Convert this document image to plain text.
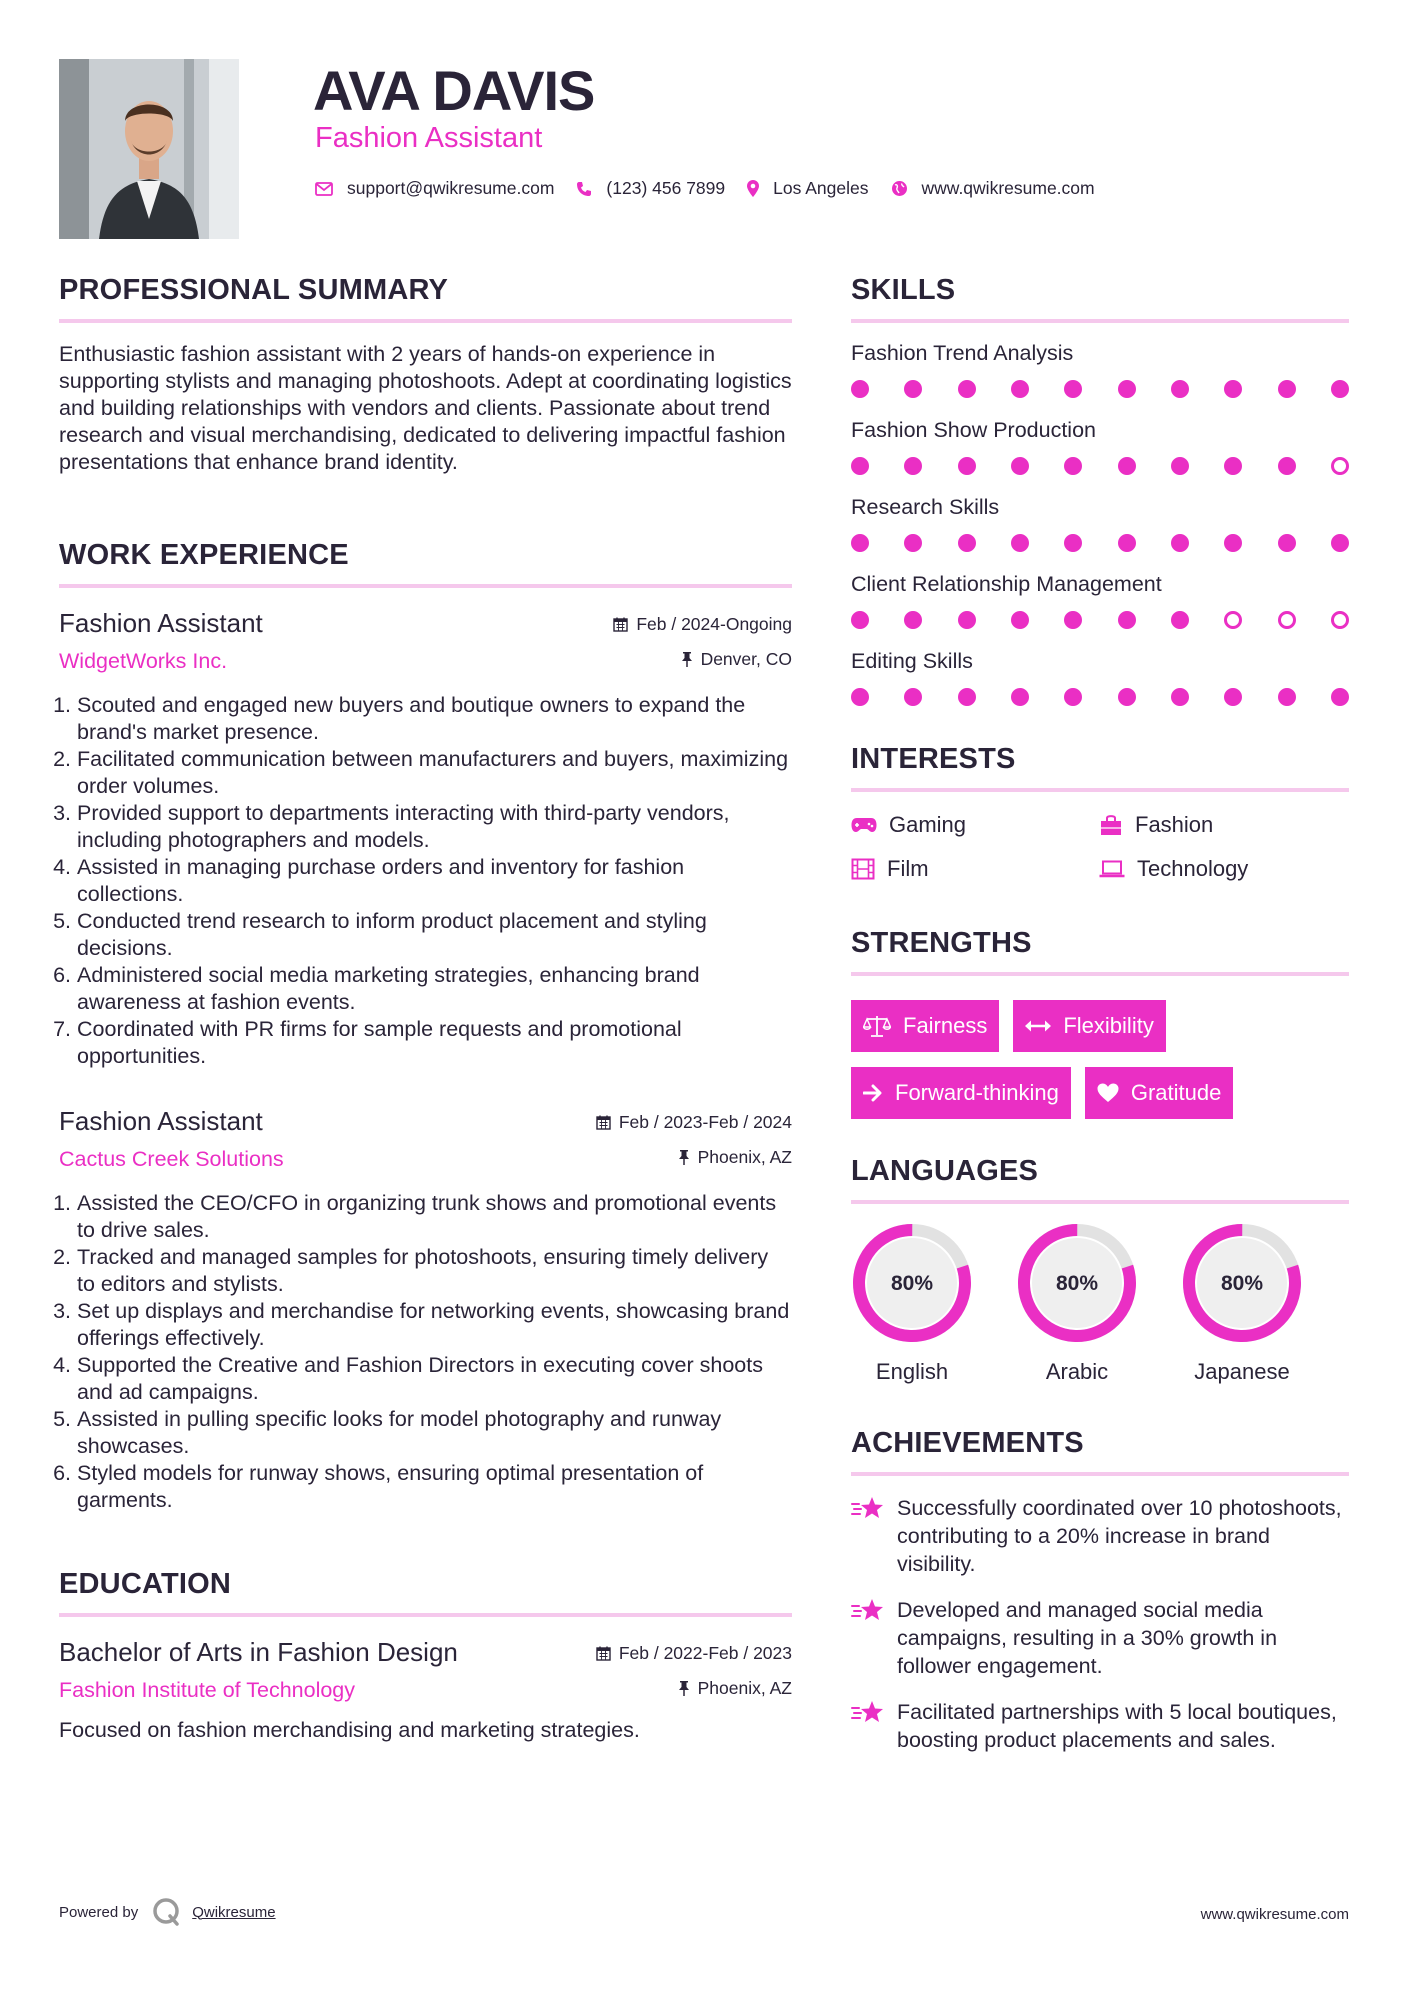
AVA DAVIS
Fashion Assistant
support@qwikresume.com	(123) 456 7899	Los Angeles	www.qwikresume.com
PROFESSIONAL SUMMARY
Enthusiastic fashion assistant with 2 years of hands-on experience in supporting stylists and managing photoshoots. Adept at coordinating logistics and building relationships with vendors and clients. Passionate about trend research and visual merchandising, dedicated to delivering impactful fashion presentations that enhance brand identity.
WORK EXPERIENCE
Fashion Assistant
WidgetWorks Inc.
Feb / 2024-Ongoing
Denver, CO
1. Scouted and engaged new buyers and boutique owners to expand the brand's market presence.
2. Facilitated communication between manufacturers and buyers, maximizing order volumes.
3. Provided support to departments interacting with third-party vendors, including photographers and models.
4. Assisted in managing purchase orders and inventory for fashion collections.
5. Conducted trend research to inform product placement and styling decisions.
6. Administered social media marketing strategies, enhancing brand awareness at fashion events.
7. Coordinated with PR firms for sample requests and promotional opportunities.
Fashion Assistant
Cactus Creek Solutions
Feb / 2023-Feb / 2024
Phoenix, AZ
1. Assisted the CEO/CFO in organizing trunk shows and promotional events to drive sales.
2. Tracked and managed samples for photoshoots, ensuring timely delivery to editors and stylists.
3. Set up displays and merchandise for networking events, showcasing brand offerings effectively.
4. Supported the Creative and Fashion Directors in executing cover shoots and ad campaigns.
5. Assisted in pulling specific looks for model photography and runway showcases.
6. Styled models for runway shows, ensuring optimal presentation of garments.
EDUCATION
Bachelor of Arts in Fashion Design
Fashion Institute of Technology
Feb / 2022-Feb / 2023
Phoenix, AZ
Focused on fashion merchandising and marketing strategies.
SKILLS
Fashion Trend Analysis
Fashion Show Production
Research Skills
Client Relationship Management
Editing Skills
INTERESTS
Gaming	Fashion
Film	Technology
STRENGTHS
Fairness	Flexibility
Forward-thinking	Gratitude
LANGUAGES
80%
English
80%
Arabic
80%
Japanese
ACHIEVEMENTS
Successfully coordinated over 10 photoshoots, contributing to a 20% increase in brand visibility.
Developed and managed social media campaigns, resulting in a 30% growth in follower engagement.
Facilitated partnerships with 5 local boutiques, boosting product placements and sales.
Powered by	Qwikresume	www.qwikresume.com
